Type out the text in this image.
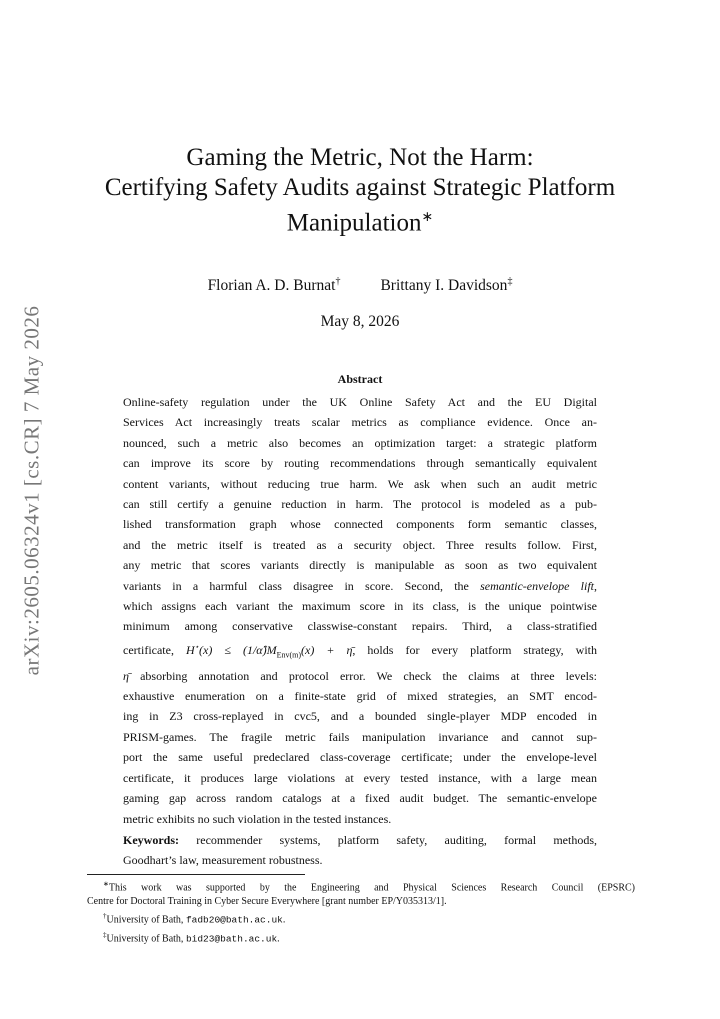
arXiv:2605.06324v1 [cs.CR] 7 May 2026
Gaming the Metric, Not the Harm:
Certifying Safety Audits against Strategic Platform
Manipulation∗
Florian A. D. Burnat†	Brittany I. Davidson‡
May 8, 2026
Abstract
Online-safety regulation under the UK Online Safety Act and the EU Digital
Services Act increasingly treats scalar metrics as compliance evidence. Once an-
nounced, such a metric also becomes an optimization target: a strategic platform
can improve its score by routing recommendations through semantically equivalent
content variants, without reducing true harm. We ask when such an audit metric
can still certify a genuine reduction in harm. The protocol is modeled as a pub-
lished transformation graph whose connected components form semantic classes,
and the metric itself is treated as a security object. Three results follow. First,
any metric that scores variants directly is manipulable as soon as two equivalent
variants in a harmful class disagree in score. Second, the semantic-envelope lift,
which assigns each variant the maximum score in its class, is the unique pointwise
minimum among conservative classwise-constant repairs. Third, a class-stratified
certificate, $H^⋆(x) \le (1/\alphâ)M_{Env(m)}(x)$ + η̄, holds for every platform strategy, with
η̄ absorbing annotation and protocol error. We check the claims at three levels:
exhaustive enumeration on a finite-state grid of mixed strategies, an SMT encod-
ing in Z3 cross-replayed in cvc5, and a bounded single-player MDP encoded in
PRISM-games. The fragile metric fails manipulation invariance and cannot sup-
port the same useful predeclared class-coverage certificate; under the envelope-level
certificate, it produces large violations at every tested instance, with a large mean
gaming gap across random catalogs at a fixed audit budget. The semantic-envelope
metric exhibits no such violation in the tested instances.
Keywords: recommender systems, platform safety, auditing, formal methods,
Goodhart’s law, measurement robustness.
∗This work was supported by the Engineering and Physical Sciences Research Council (EPSRC)
Centre for Doctoral Training in Cyber Secure Everywhere [grant number EP/Y035313/1].
†University of Bath, fadb20@bath.ac.uk.
‡University of Bath, bid23@bath.ac.uk.
